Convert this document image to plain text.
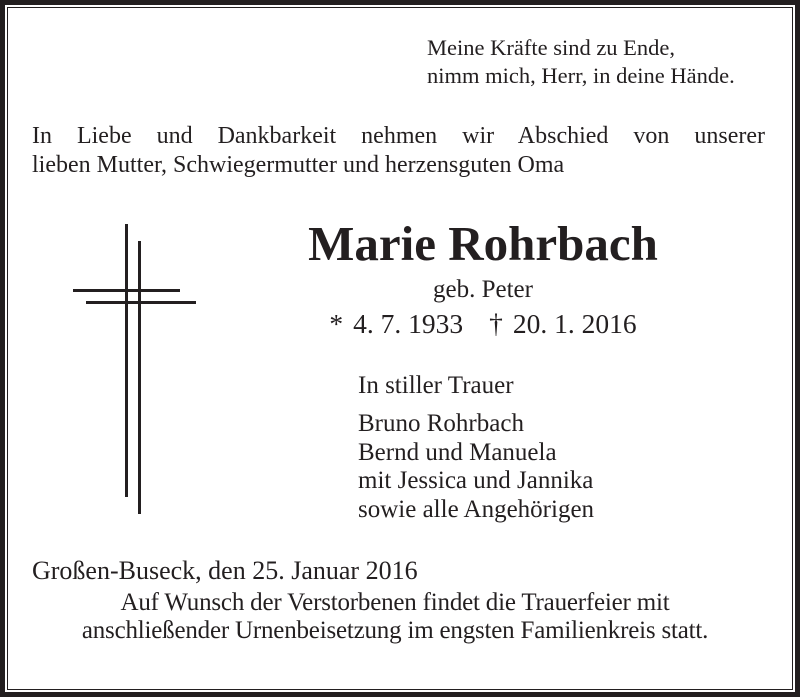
Meine Kräfte sind zu Ende,
nimm mich, Herr, in deine Hände.
In Liebe und Dankbarkeit nehmen wir Abschied von unserer
lieben Mutter, Schwiegermutter und herzensguten Oma
Marie Rohrbach
geb. Peter
* 4. 7. 1933 † 20. 1. 2016
In stiller Trauer
Bruno Rohrbach
Bernd und Manuela
mit Jessica und Jannika
sowie alle Angehörigen
Großen-Buseck, den 25. Januar 2016
Auf Wunsch der Verstorbenen findet die Trauerfeier mit
anschließender Urnenbeisetzung im engsten Familienkreis statt.
